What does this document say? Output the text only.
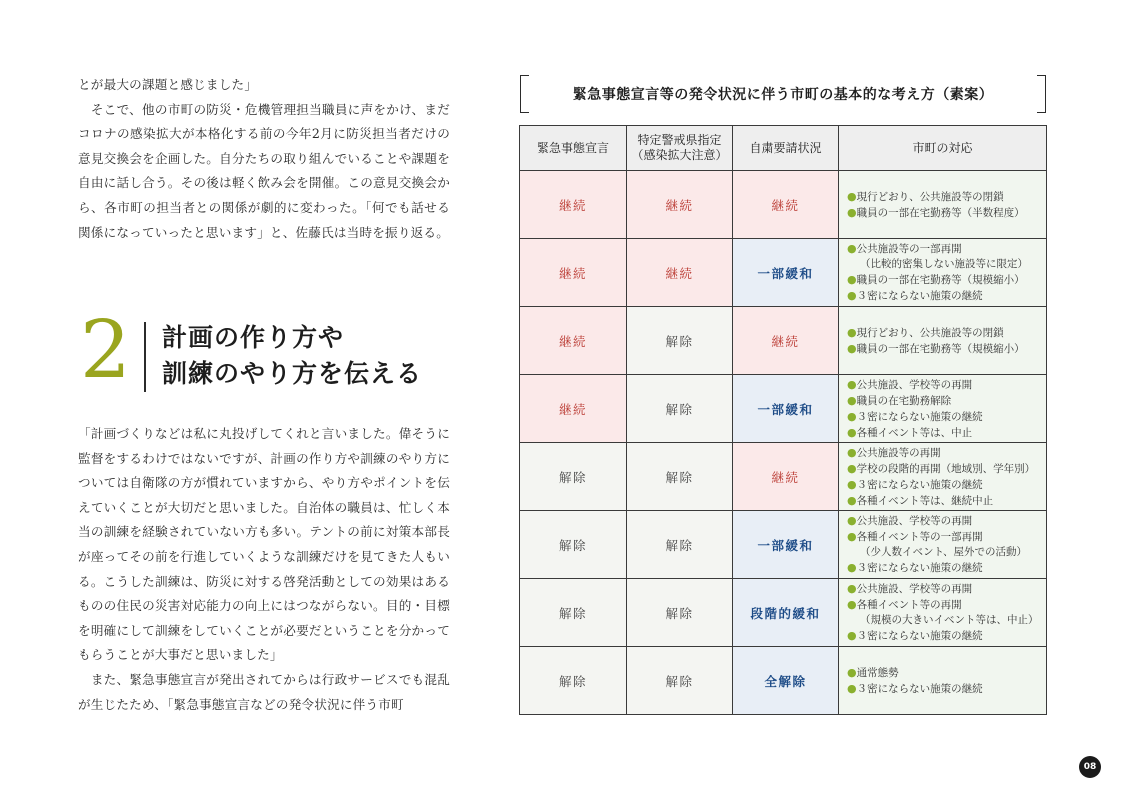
とが最大の課題と感じました」

　そこで、他の市町の防災・危機管理担当職員に声をかけ、まだコロナの感染拡大が本格化する前の今年2月に防災担当者だけの意見交換会を企画した。自分たちの取り組んでいることや課題を自由に話し合う。その後は軽く飲み会を開催。この意見交換会から、各市町の担当者との関係が劇的に変わった。「何でも話せる関係になっていったと思います」と、佐藤氏は当時を振り返る。

2 計画の作り方や
訓練のやり方を伝える

「計画づくりなどは私に丸投げしてくれと言いました。偉そうに監督をするわけではないですが、計画の作り方や訓練のやり方については自衛隊の方が慣れていますから、やり方やポイントを伝えていくことが大切だと思いました。自治体の職員は、忙しく本当の訓練を経験されていない方も多い。テントの前に対策本部長が座ってその前を行進していくような訓練だけを見てきた人もいる。こうした訓練は、防災に対する啓発活動としての効果はあるものの住民の災害対応能力の向上にはつながらない。目的・目標を明確にして訓練をしていくことが必要だということを分かってもらうことが大事だと思いました」

　また、緊急事態宣言が発出されてからは行政サービスでも混乱が生じたため、「緊急事態宣言などの発令状況に伴う市町

緊急事態宣言等の発令状況に伴う市町の基本的な考え方（素案）
緊急事態宣言	特定警戒県指定
（感染拡大注意）	自粛要請状況	市町の対応
継続	継続	継続	●現行どおり、公共施設等の閉鎖
●職員の一部在宅勤務等（半数程度）

継続	継続	一部緩和	●公共施設等の一部再開
（比較的密集しない施設等に限定）
●職員の一部在宅勤務等（規模縮小）
●３密にならない施策の継続

継続	解除	継続	●現行どおり、公共施設等の閉鎖
●職員の一部在宅勤務等（規模縮小）

継続	解除	一部緩和	●公共施設、学校等の再開
●職員の在宅勤務解除
●３密にならない施策の継続
●各種イベント等は、中止

解除	解除	継続	●公共施設等の再開
●学校の段階的再開（地域別、学年別）
●３密にならない施策の継続
●各種イベント等は、継続中止

解除	解除	一部緩和	●公共施設、学校等の再開
●各種イベント等の一部再開
（少人数イベント、屋外での活動）
●３密にならない施策の継続

解除	解除	段階的緩和	●公共施設、学校等の再開
●各種イベント等の再開
（規模の大きいイベント等は、中止）
●３密にならない施策の継続

解除	解除	全解除	●通常態勢
●３密にならない施策の継続
08
